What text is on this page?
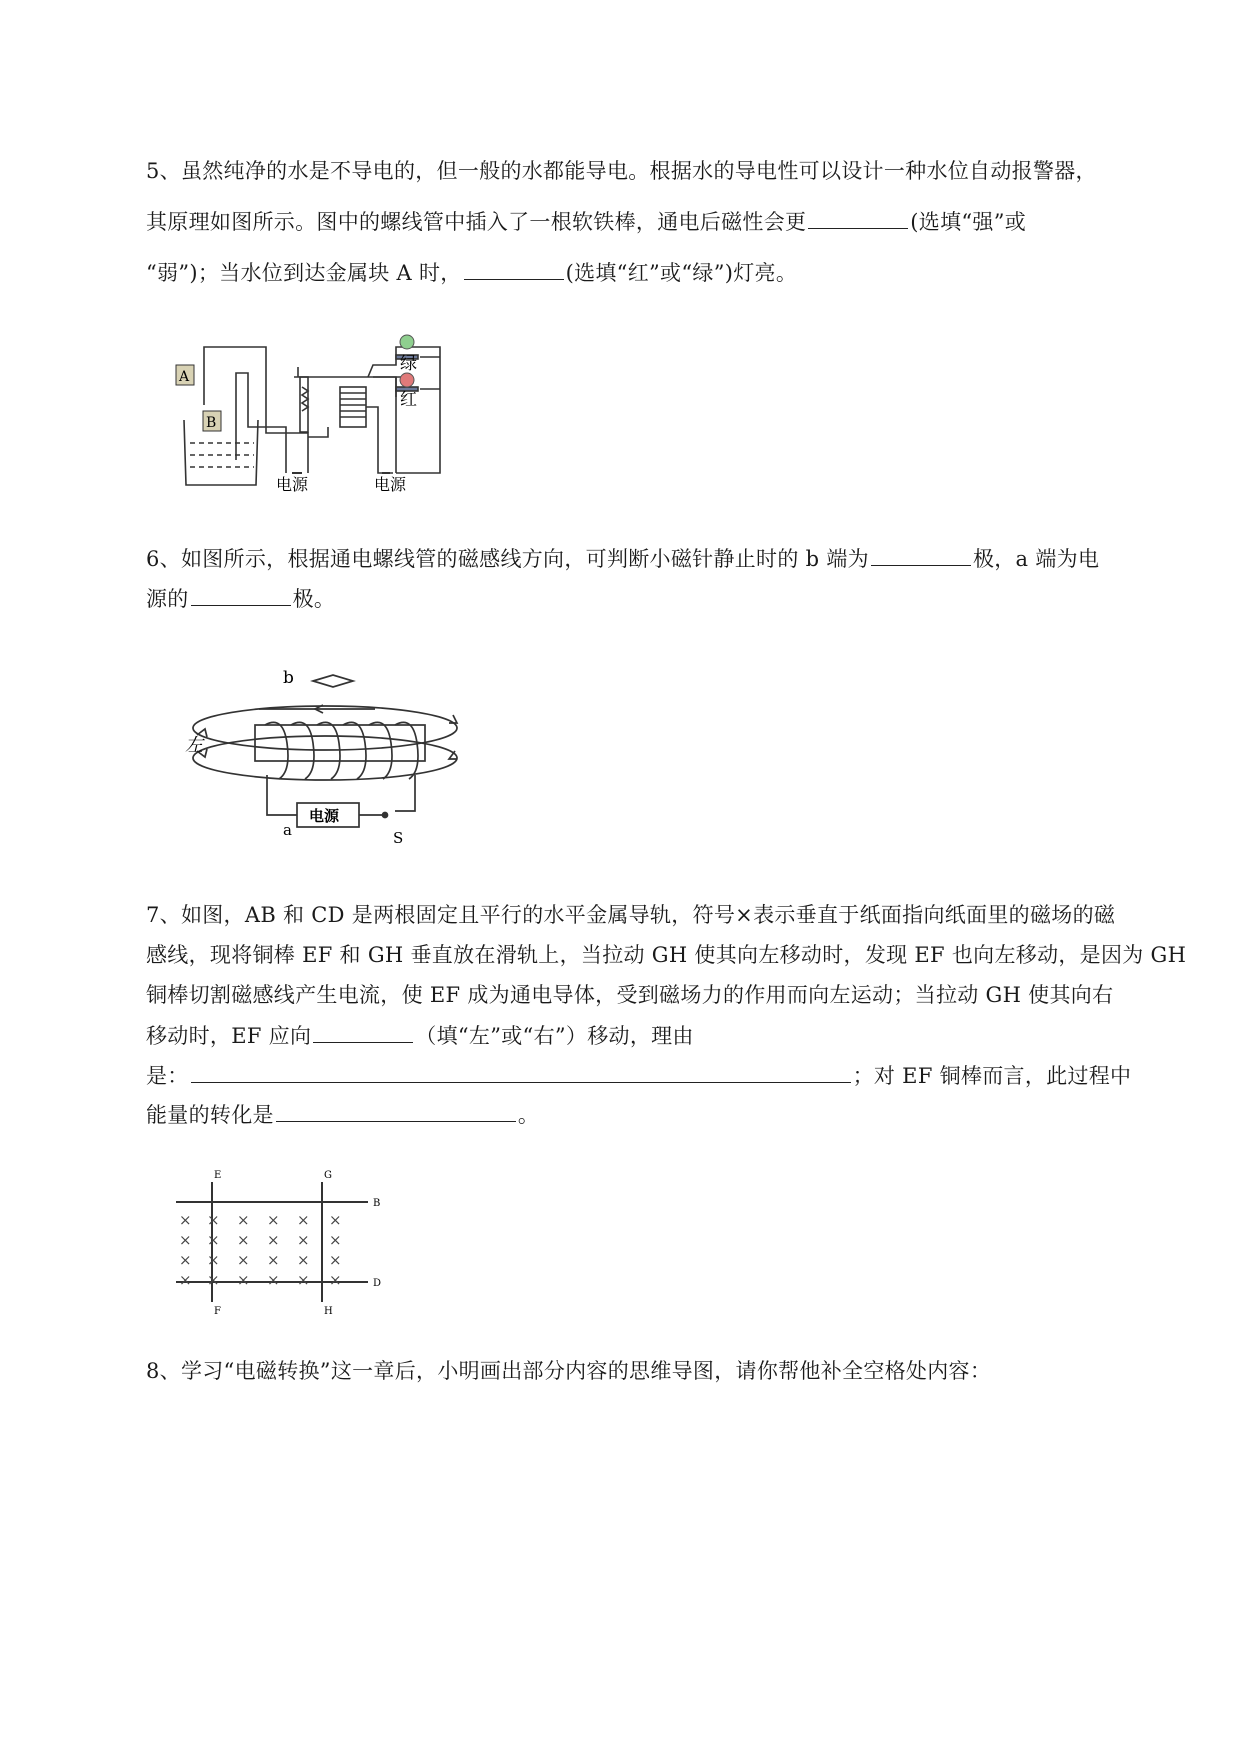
5、虽然纯净的水是不导电的，但一般的水都能导电。根据水的导电性可以设计一种水位自动报警器，
其原理如图所示。图中的螺线管中插入了一根软铁棒，通电后磁性会更	(选填“强”或
“弱”)；当水位到达金属块 A 时，	(选填“红”或“绿”)灯亮。
A
B
绿
红
电源	电源
6、如图所示，根据通电螺线管的磁感线方向，可判断小磁针静止时的 b 端为	极，a 端为电
源的	极。
b
左
电源
a	S
7、如图，AB 和 CD 是两根固定且平行的水平金属导轨，符号×表示垂直于纸面指向纸面里的磁场的磁
感线，现将铜棒 EF 和 GH 垂直放在滑轨上，当拉动 GH 使其向左移动时，发现 EF 也向左移动，是因为 GH
铜棒切割磁感线产生电流，使 EF 成为通电导体，受到磁场力的作用而向左运动；当拉动 GH 使其向右
移动时，EF 应向	（填“左”或“右”）移动，理由
是：	；对 EF 铜棒而言，此过程中
能量的转化是	。
× × × × × ×
× × × × × ×
× × × × × ×
× × × × × ×
E	G
B
D
F	H
8、学习“电磁转换”这一章后，小明画出部分内容的思维导图，请你帮他补全空格处内容：
